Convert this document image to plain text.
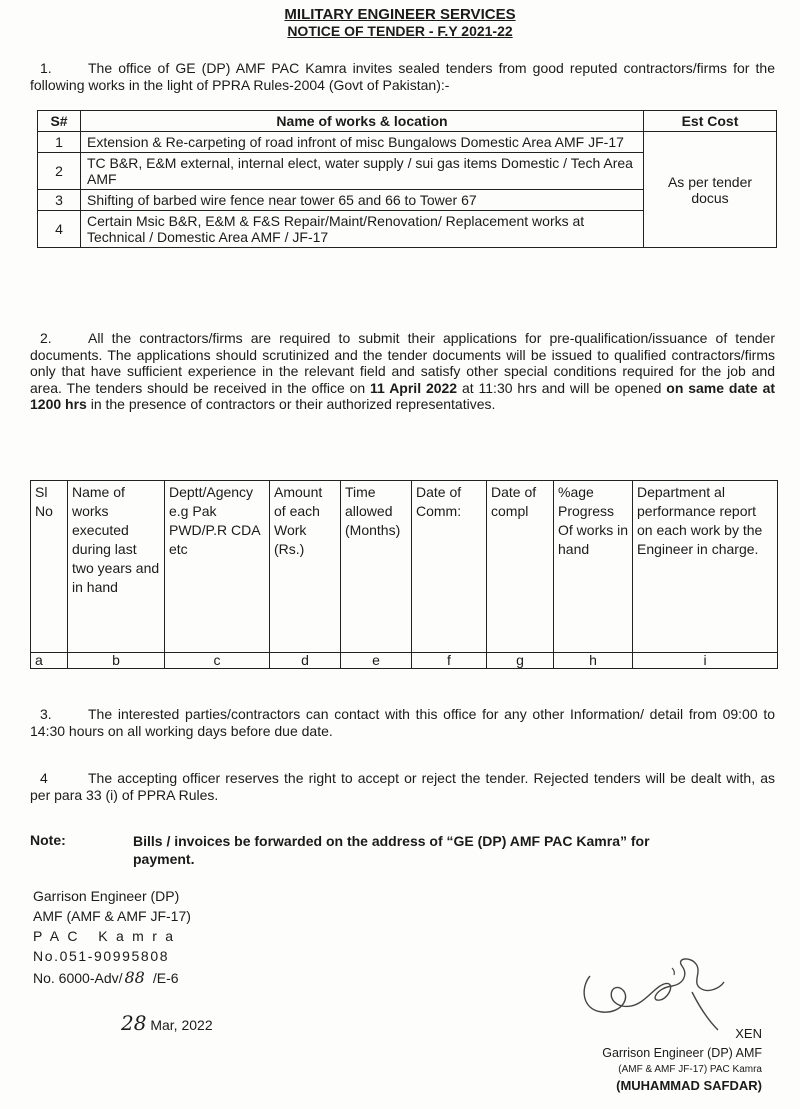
MILITARY ENGINEER SERVICES
NOTICE OF TENDER - F.Y 2021-22
1.	The office of GE (DP) AMF PAC Kamra invites sealed tenders from good reputed contractors/firms for the following works in the light of PPRA Rules-2004 (Govt of Pakistan):-
S#	Name of works & location	Est Cost
1	Extension & Re-carpeting of road infront of misc Bungalows Domestic Area AMF JF-17	As per tender docus
2	TC B&R, E&M external, internal elect, water supply / sui gas items Domestic / Tech Area AMF	
3	Shifting of barbed wire fence near tower 65 and 66 to Tower 67	
4	Certain Msic B&R, E&M & F&S Repair/Maint/Renovation/ Replacement works at Technical / Domestic Area AMF / JF-17	
2.	All the contractors/firms are required to submit their applications for pre-qualification/issuance of tender documents. The applications should scrutinized and the tender documents will be issued to qualified contractors/firms only that have sufficient experience in the relevant field and satisfy other special conditions required for the job and area. The tenders should be received in the office on 11 April 2022 at 11:30 hrs and will be opened on same date at 1200 hrs in the presence of contractors or their authorized representatives.
Sl No	Name of works executed during last two years and in hand	Deptt/Agency e.g Pak PWD/P.R CDA etc	Amount of each Work (Rs.)	Time allowed (Months)	Date of Comm:	Date of compl	%age Progress Of works in hand	Department al performance report on each work by the Engineer in charge.
a	b	c	d	e	f	g	h	i
3.	The interested parties/contractors can contact with this office for any other Information/ detail from 09:00 to 14:30 hours on all working days before due date.
4	The accepting officer reserves the right to accept or reject the tender. Rejected tenders will be dealt with, as per para 33 (i) of PPRA Rules.
Note:	Bills / invoices be forwarded on the address of “GE (DP) AMF PAC Kamra” for payment.
Garrison Engineer (DP)
AMF (AMF & AMF JF-17)
PAC Kamra
No.051-90995808
No. 6000-Adv/ 88 /E-6
28 Mar, 2022
XEN
Garrison Engineer (DP) AMF
(AMF & AMF JF-17) PAC Kamra
(MUHAMMAD SAFDAR)
